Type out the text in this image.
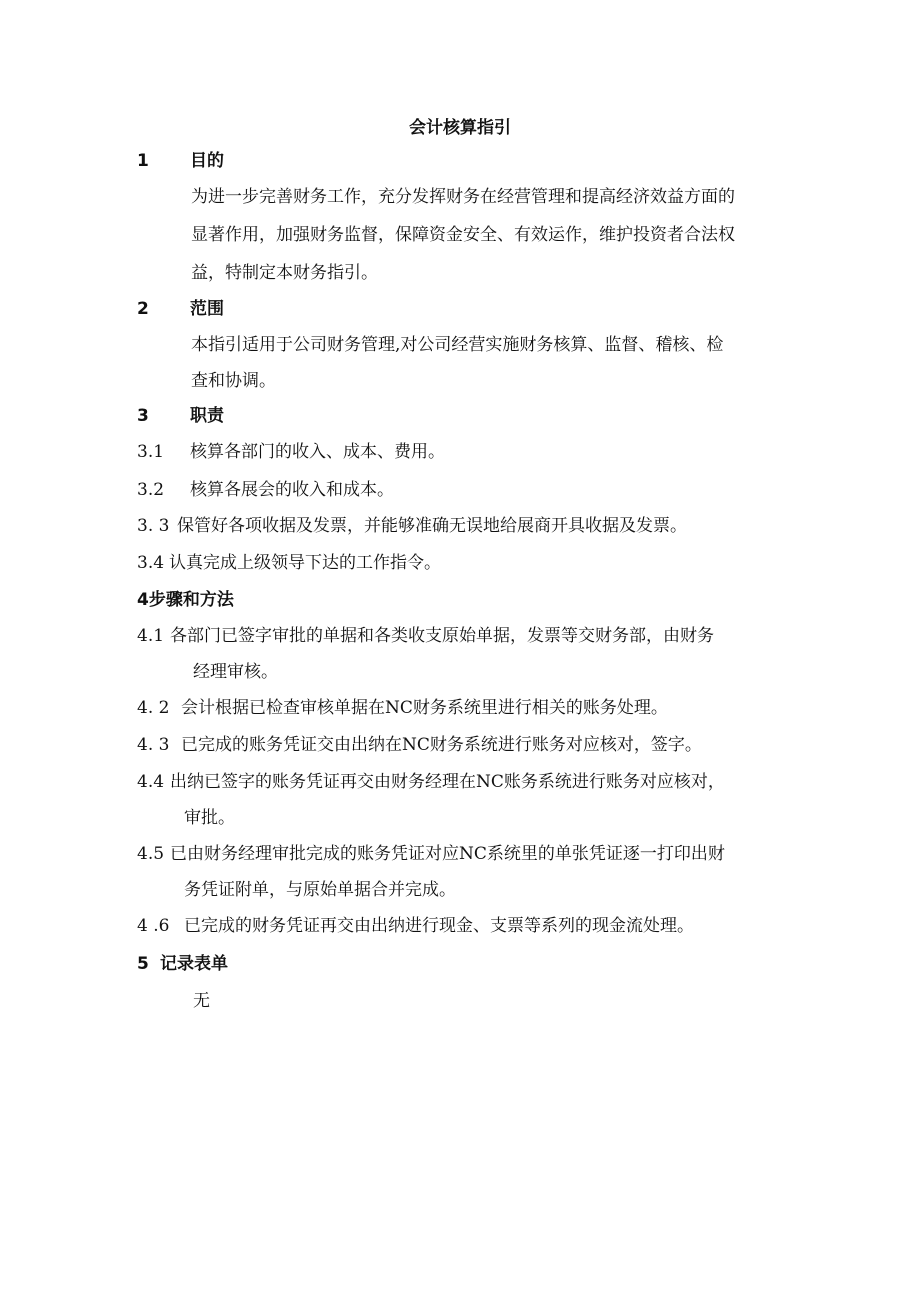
会计核算指引
1 目的
为进一步完善财务工作，充分发挥财务在经营管理和提高经济效益方面的
显著作用，加强财务监督，保障资金安全、有效运作，维护投资者合法权
益，特制定本财务指引。
2 范围
本指引适用于公司财务管理,对公司经营实施财务核算、监督、稽核、检
查和协调。
3 职责
3.1 核算各部门的收入、成本、费用。
3.2 核算各展会的收入和成本。
3. 3 保管好各项收据及发票，并能够准确无误地给展商开具收据及发票。
3.4 认真完成上级领导下达的工作指令。
4步骤和方法
4.1 各部门已签字审批的单据和各类收支原始单据，发票等交财务部，由财务
经理审核。
4. 2 会计根据已检查审核单据在NC财务系统里进行相关的账务处理。
4. 3 已完成的账务凭证交由出纳在NC财务系统进行账务对应核对，签字。
4.4 出纳已签字的账务凭证再交由财务经理在NC账务系统进行账务对应核对，
审批。
4.5 已由财务经理审批完成的账务凭证对应NC系统里的单张凭证逐一打印出财
务凭证附单，与原始单据合并完成。
4 .6 已完成的财务凭证再交由出纳进行现金、支票等系列的现金流处理。
5 记录表单
无
